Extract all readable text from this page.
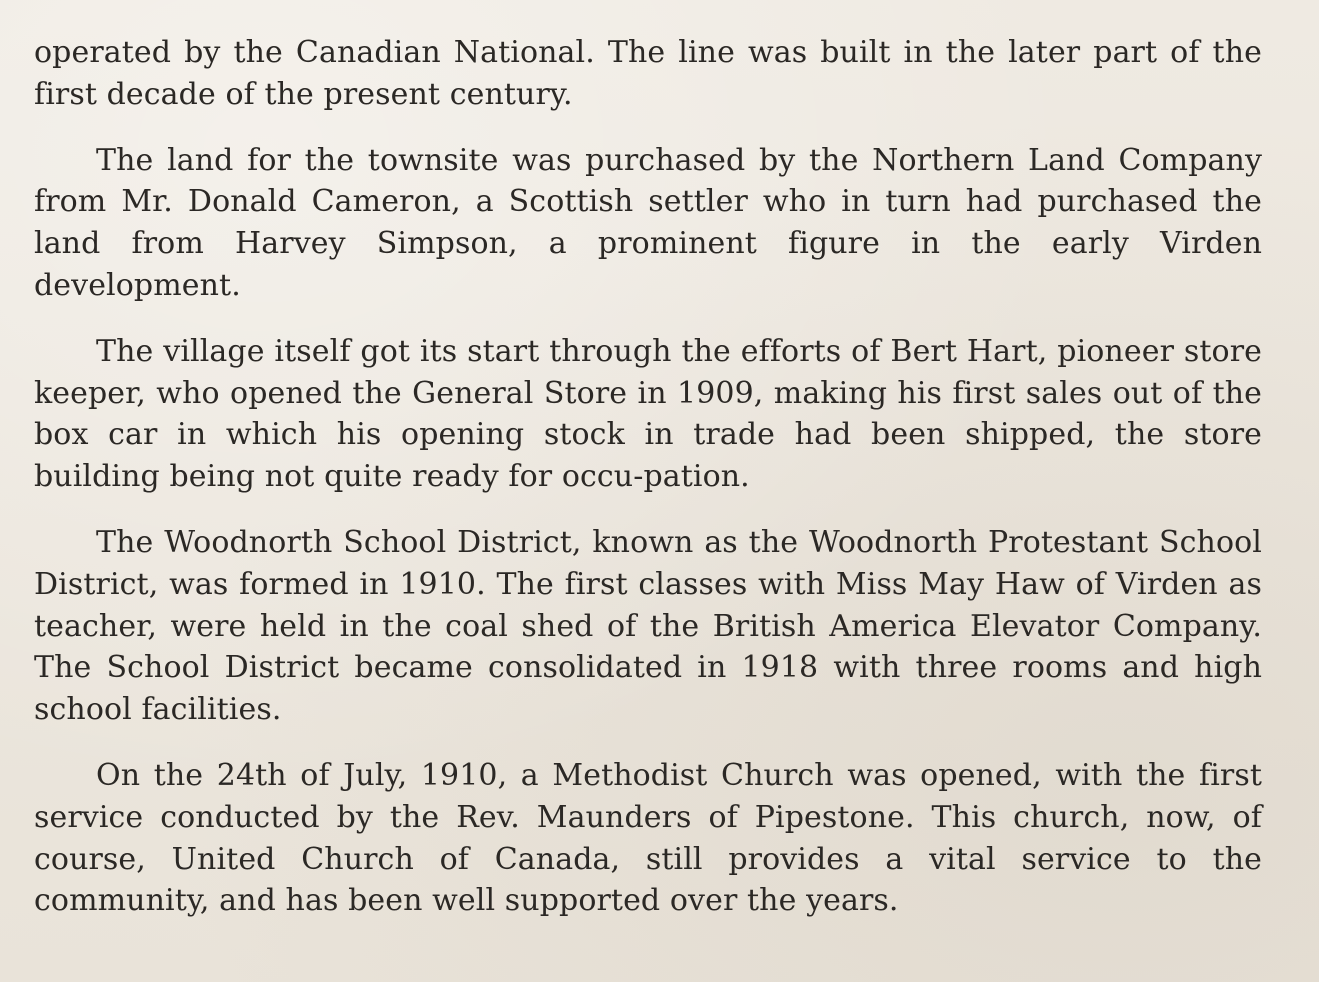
operated by the Canadian National. The line was built in the later part of the first decade of the present century.

The land for the townsite was purchased by the Northern Land Company from Mr. Donald Cameron, a Scottish settler who in turn had purchased the land from Harvey Simpson, a prominent figure in the early Virden development.

The village itself got its start through the efforts of Bert Hart, pioneer store keeper, who opened the General Store in 1909, making his first sales out of the box car in which his opening stock in trade had been shipped, the store building being not quite ready for occu-pation.

The Woodnorth School District, known as the Woodnorth Protestant School District, was formed in 1910. The first classes with Miss May Haw of Virden as teacher, were held in the coal shed of the British America Elevator Company. The School District became consolidated in 1918 with three rooms and high school facilities.

On the 24th of July, 1910, a Methodist Church was opened, with the first service conducted by the Rev. Maunders of Pipestone. This church, now, of course, United Church of Canada, still provides a vital service to the community, and has been well supported over the years.
